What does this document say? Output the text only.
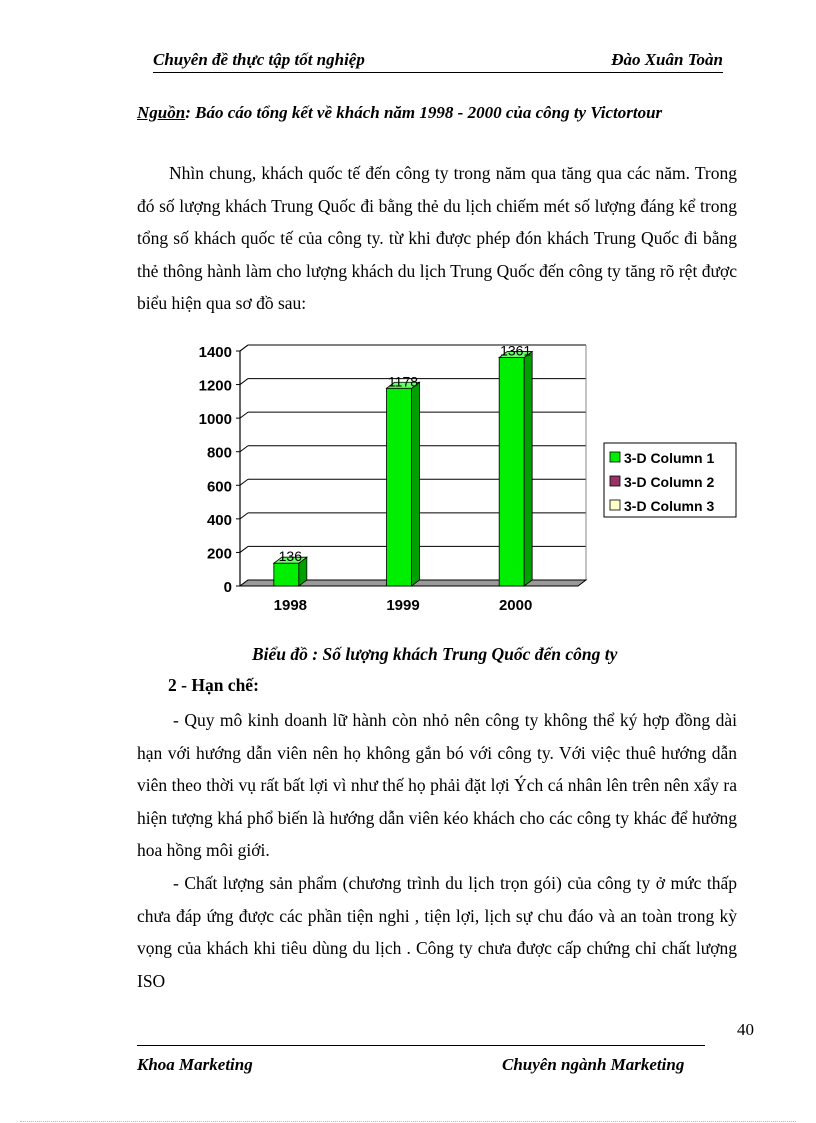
Chuyên đề thực tập tốt nghiệp	Đào Xuân Toàn
Nguồn: Báo cáo tổng kết về khách năm 1998 - 2000 của công ty Victortour

Nhìn chung, khách quốc tế đến công ty trong năm qua tăng qua các năm. Trong đó số lượng khách Trung Quốc đi bằng thẻ du lịch chiếm mét số lượng đáng kể trong tổng số khách quốc tế của công ty. từ khi được phép đón khách Trung Quốc đi bằng thẻ thông hành làm cho lượng khách du lịch Trung Quốc đến công ty tăng rõ rệt được biểu hiện qua sơ đồ sau:

0
200
400
600
800
1000
1200
1400
136
1998
1178
1999
1361
2000
3-D Column 1
3-D Column 2
3-D Column 3
Biểu đồ : Số lượng khách Trung Quốc đến công ty
2 - Hạn chế:

- Quy mô kinh doanh lữ hành còn nhỏ nên công ty không thể ký hợp đồng dài hạn với hướng dẫn viên nên họ không gắn bó với công ty. Với việc thuê hướng dẫn viên theo thời vụ rất bất lợi vì như thế họ phải đặt lợi Ých cá nhân lên trên nên xẩy ra hiện tượng khá phổ biến là hướng dẫn viên kéo khách cho các công ty khác để hưởng hoa hồng môi giới.

- Chất lượng sản phẩm (chương trình du lịch trọn gói) của công ty ở mức thấp chưa đáp ứng được các phần tiện nghi , tiện lợi, lịch sự chu đáo và an toàn trong kỳ vọng của khách khi tiêu dùng du lịch . Công ty chưa được cấp chứng chỉ chất lượng ISO

40
Khoa Marketing	Chuyên ngành Marketing
